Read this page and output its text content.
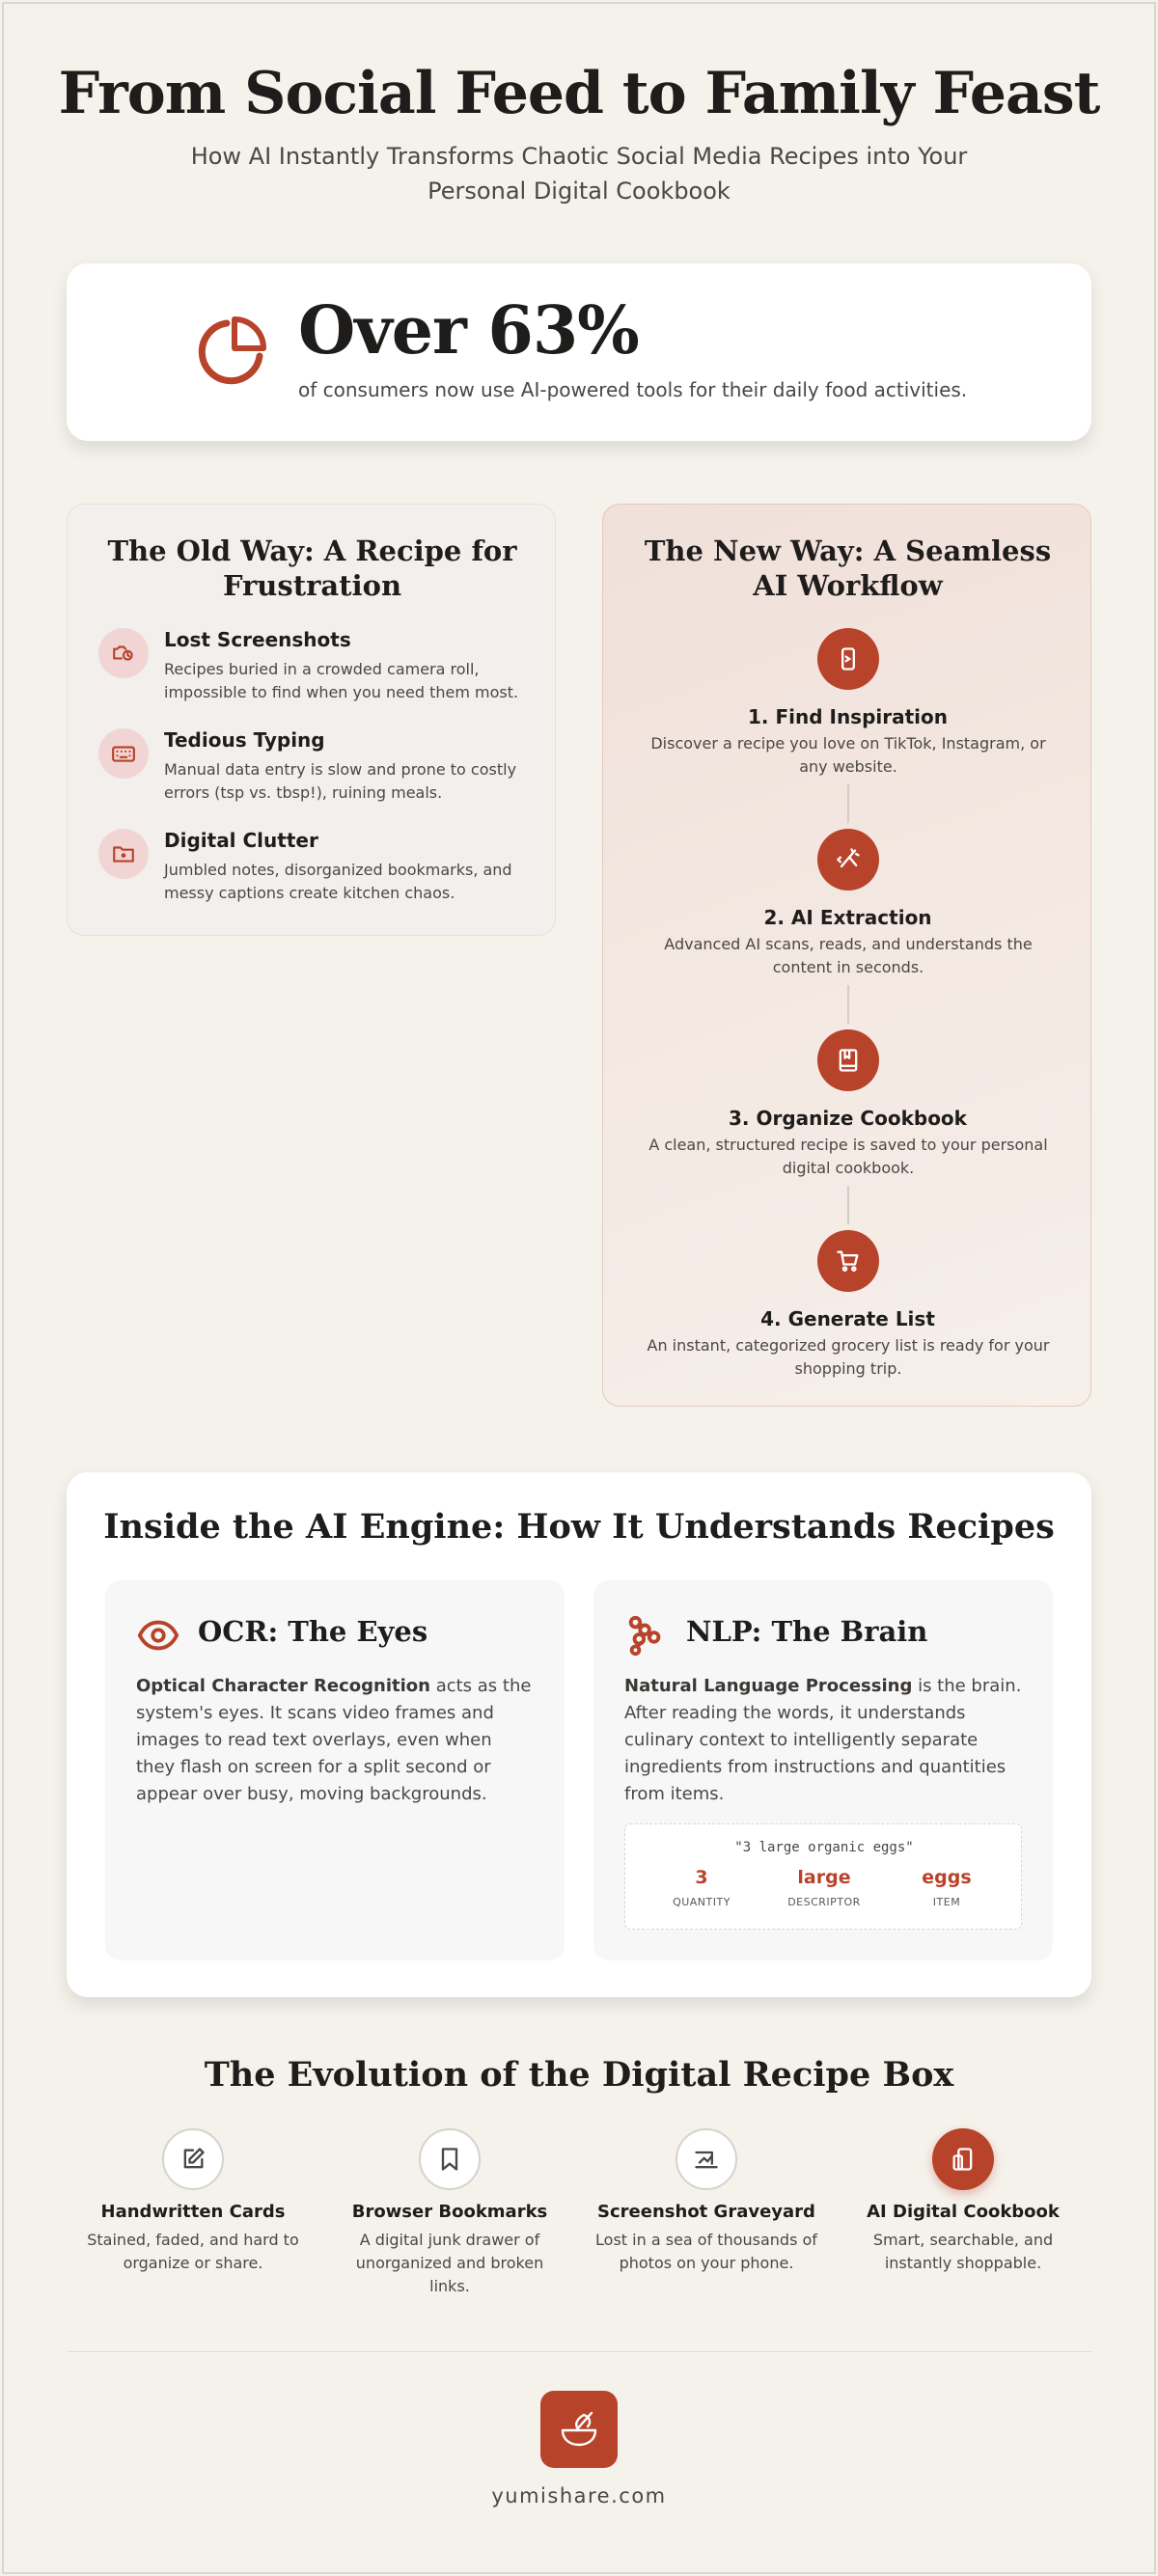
From Social Feed to Family Feast

How AI Instantly Transforms Chaotic Social Media Recipes into Your Personal Digital Cookbook

Over 63%
of consumers now use AI-powered tools for their daily food activities.
The Old Way: A Recipe for Frustration
Lost Screenshots
Recipes buried in a crowded camera roll, impossible to find when you need them most.
Tedious Typing
Manual data entry is slow and prone to costly errors (tsp vs. tbsp!), ruining meals.
Digital Clutter
Jumbled notes, disorganized bookmarks, and messy captions create kitchen chaos.
The New Way: A Seamless AI Workflow
1. Find Inspiration
Discover a recipe you love on TikTok, Instagram, or any website.
2. AI Extraction
Advanced AI scans, reads, and understands the content in seconds.
3. Organize Cookbook
A clean, structured recipe is saved to your personal digital cookbook.
4. Generate List
An instant, categorized grocery list is ready for your shopping trip.
Inside the AI Engine: How It Understands Recipes
OCR: The Eyes
Optical Character Recognition acts as the system's eyes. It scans video frames and images to read text overlays, even when they flash on screen for a split second or appear over busy, moving backgrounds.
NLP: The Brain
Natural Language Processing is the brain. After reading the words, it understands culinary context to intelligently separate ingredients from instructions and quantities from items.
"3 large organic eggs"
3
QUANTITY
large
DESCRIPTOR
eggs
ITEM
The Evolution of the Digital Recipe Box
Handwritten Cards
Stained, faded, and hard to organize or share.
Browser Bookmarks
A digital junk drawer of unorganized and broken links.
Screenshot Graveyard
Lost in a sea of thousands of photos on your phone.
AI Digital Cookbook
Smart, searchable, and instantly shoppable.
yumishare.com
